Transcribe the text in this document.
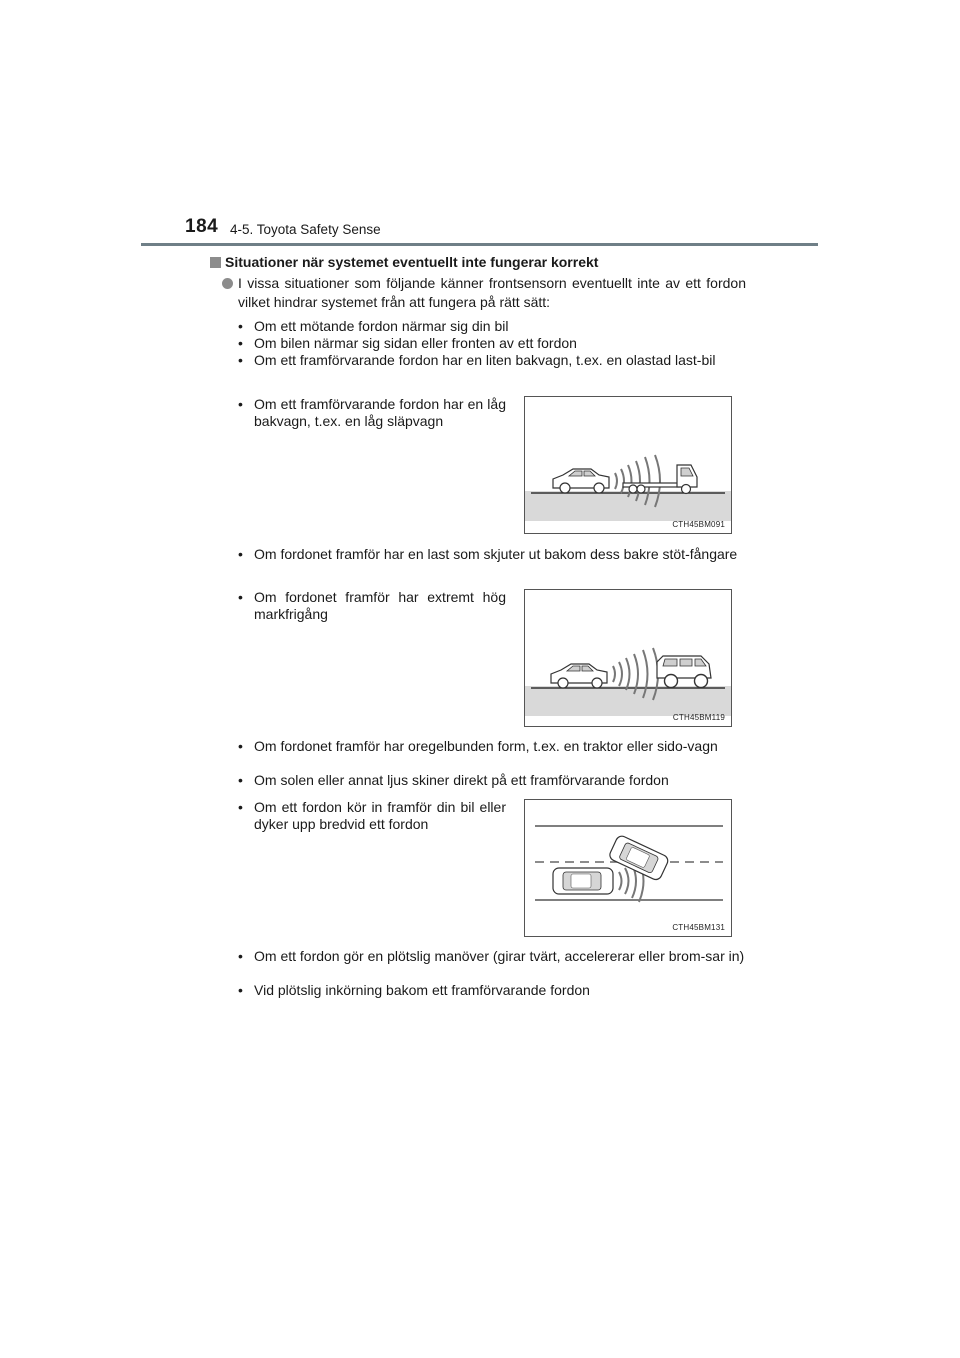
184 4-5. Toyota Safety Sense
Situationer när systemet eventuellt inte fungerar korrekt
I vissa situationer som följande känner frontsensorn eventuellt inte av ett fordon vilket hindrar systemet från att fungera på rätt sätt:
• Om ett mötande fordon närmar sig din bil
• Om bilen närmar sig sidan eller fronten av ett fordon
• Om ett framförvarande fordon har en liten bakvagn, t.ex. en olastad last-bil
• Om ett framförvarande fordon har en låg bakvagn, t.ex. en låg släpvagn
CTH45BM091
• Om fordonet framför har en last som skjuter ut bakom dess bakre stöt-fångare
• Om fordonet framför har extremt hög markfrigång
CTH45BM119
• Om fordonet framför har oregelbunden form, t.ex. en traktor eller sido-vagn
• Om solen eller annat ljus skiner direkt på ett framförvarande fordon
• Om ett fordon kör in framför din bil eller dyker upp bredvid ett fordon
CTH45BM131
• Om ett fordon gör en plötslig manöver (girar tvärt, accelererar eller brom-sar in)
• Vid plötslig inkörning bakom ett framförvarande fordon
